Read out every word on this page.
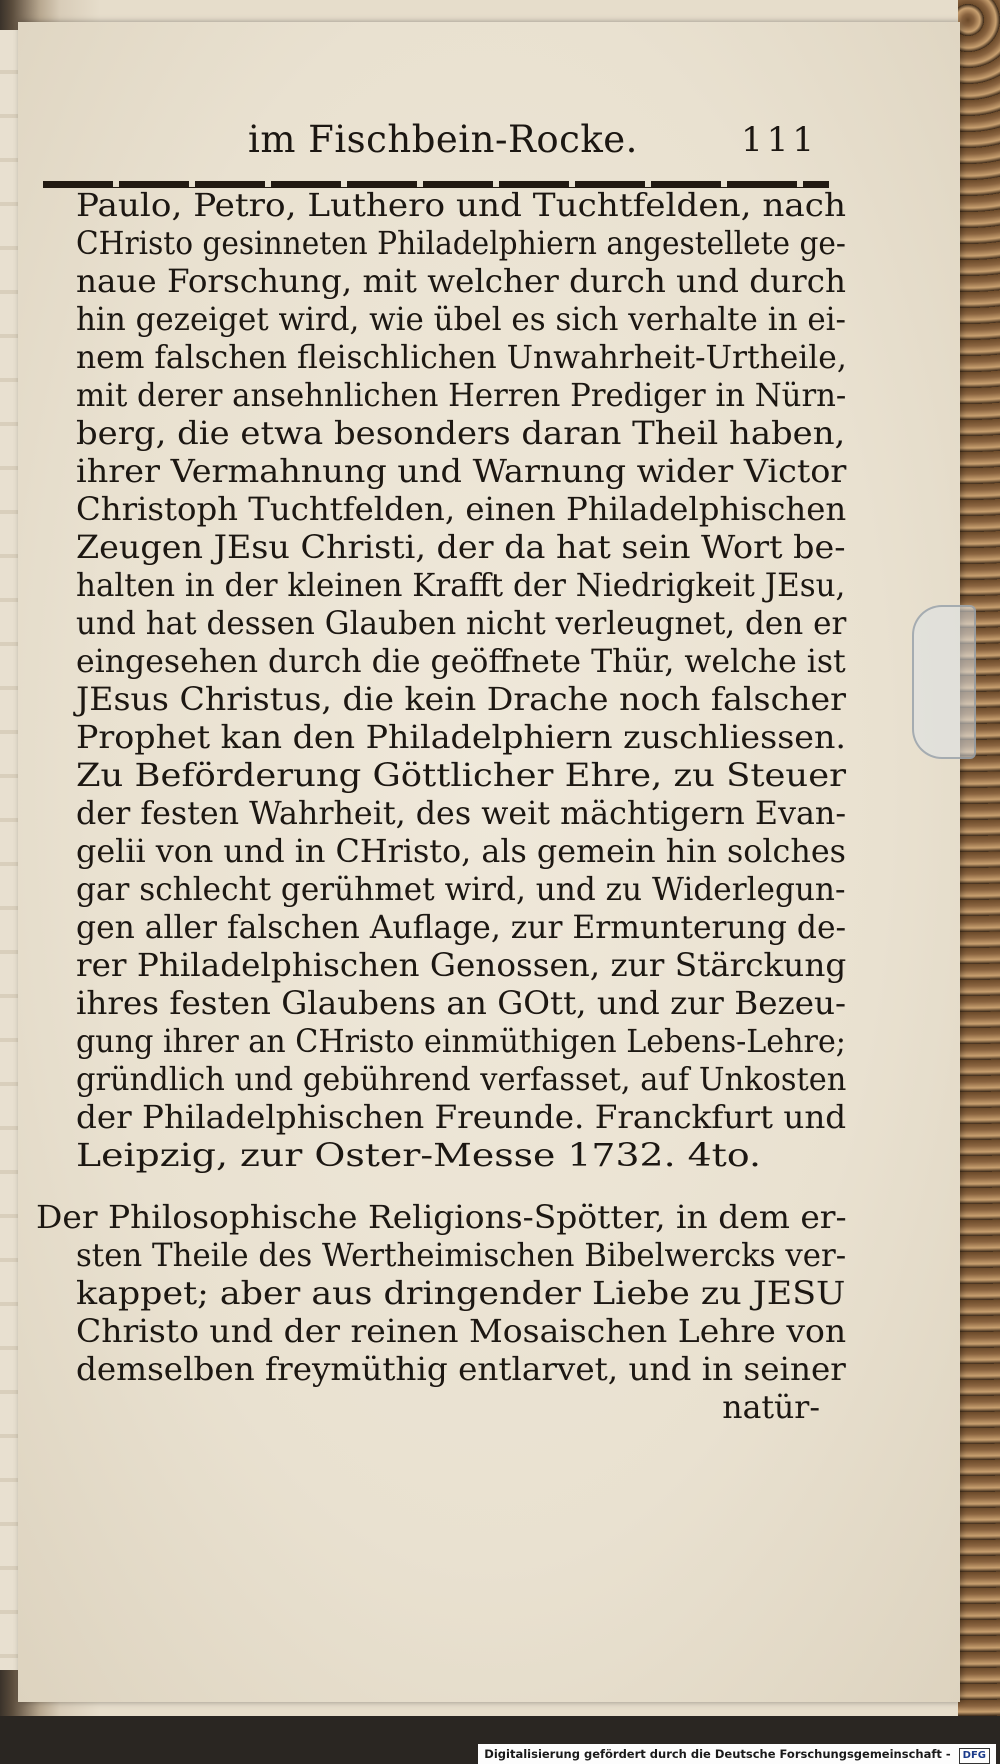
im Fischbein-Rocke.	111
Paulo, Petro, Luthero und Tuchtfelden, nach
CHristo gesinneten Philadelphiern angestellete ge-
naue Forschung, mit welcher durch und durch
hin gezeiget wird, wie übel es sich verhalte in ei-
nem falschen fleischlichen Unwahrheit-Urtheile,
mit derer ansehnlichen Herren Prediger in Nürn-
berg, die etwa besonders daran Theil haben,
ihrer Vermahnung und Warnung wider Victor
Christoph Tuchtfelden, einen Philadelphischen
Zeugen JEsu Christi, der da hat sein Wort be-
halten in der kleinen Krafft der Niedrigkeit JEsu,
und hat dessen Glauben nicht verleugnet, den er
eingesehen durch die geöffnete Thür, welche ist
JEsus Christus, die kein Drache noch falscher
Prophet kan den Philadelphiern zuschliessen.
Zu Beförderung Göttlicher Ehre, zu Steuer
der festen Wahrheit, des weit mächtigern Evan-
gelii von und in CHristo, als gemein hin solches
gar schlecht gerühmet wird, und zu Widerlegun-
gen aller falschen Auflage, zur Ermunterung de-
rer Philadelphischen Genossen, zur Stärckung
ihres festen Glaubens an GOtt, und zur Bezeu-
gung ihrer an CHristo einmüthigen Lebens-Lehre;
gründlich und gebührend verfasset, auf Unkosten
der Philadelphischen Freunde. Franckfurt und
Leipzig, zur Oster-Messe 1732. 4to.
Der Philosophische Religions-Spötter, in dem er-
sten Theile des Wertheimischen Bibelwercks ver-
kappet; aber aus dringender Liebe zu JESU
Christo und der reinen Mosaischen Lehre von
demselben freymüthig entlarvet, und in seiner
natür-
Digitalisierung gefördert durch die Deutsche Forschungsgemeinschaft - DFG
